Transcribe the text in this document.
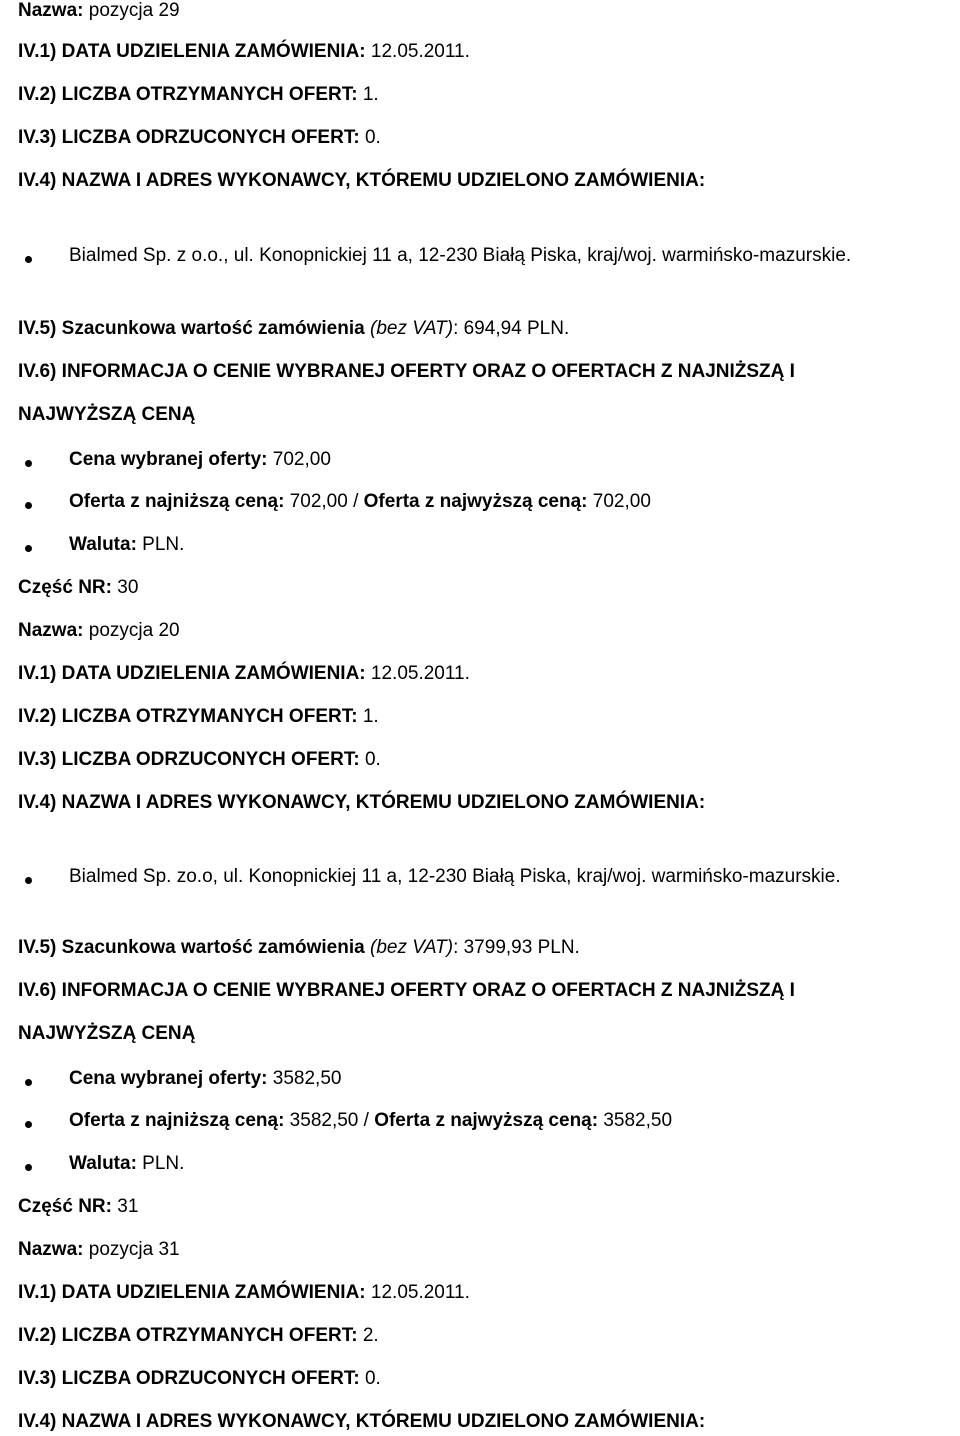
Nazwa: pozycja 29
IV.1) DATA UDZIELENIA ZAMÓWIENIA: 12.05.2011.
IV.2) LICZBA OTRZYMANYCH OFERT: 1.
IV.3) LICZBA ODRZUCONYCH OFERT: 0.
IV.4) NAZWA I ADRES WYKONAWCY, KTÓREMU UDZIELONO ZAMÓWIENIA:
Bialmed Sp. z o.o., ul. Konopnickiej 11 a, 12-230 Białą Piska, kraj/woj. warmińsko-mazurskie.
IV.5) Szacunkowa wartość zamówienia (bez VAT): 694,94 PLN.
IV.6) INFORMACJA O CENIE WYBRANEJ OFERTY ORAZ O OFERTACH Z NAJNIŻSZĄ I
NAJWYŻSZĄ CENĄ
Cena wybranej oferty: 702,00
Oferta z najniższą ceną: 702,00 / Oferta z najwyższą ceną: 702,00
Waluta: PLN.
Część NR: 30
Nazwa: pozycja 20
IV.1) DATA UDZIELENIA ZAMÓWIENIA: 12.05.2011.
IV.2) LICZBA OTRZYMANYCH OFERT: 1.
IV.3) LICZBA ODRZUCONYCH OFERT: 0.
IV.4) NAZWA I ADRES WYKONAWCY, KTÓREMU UDZIELONO ZAMÓWIENIA:
Bialmed Sp. zo.o, ul. Konopnickiej 11 a, 12-230 Białą Piska, kraj/woj. warmińsko-mazurskie.
IV.5) Szacunkowa wartość zamówienia (bez VAT): 3799,93 PLN.
IV.6) INFORMACJA O CENIE WYBRANEJ OFERTY ORAZ O OFERTACH Z NAJNIŻSZĄ I
NAJWYŻSZĄ CENĄ
Cena wybranej oferty: 3582,50
Oferta z najniższą ceną: 3582,50 / Oferta z najwyższą ceną: 3582,50
Waluta: PLN.
Część NR: 31
Nazwa: pozycja 31
IV.1) DATA UDZIELENIA ZAMÓWIENIA: 12.05.2011.
IV.2) LICZBA OTRZYMANYCH OFERT: 2.
IV.3) LICZBA ODRZUCONYCH OFERT: 0.
IV.4) NAZWA I ADRES WYKONAWCY, KTÓREMU UDZIELONO ZAMÓWIENIA:
